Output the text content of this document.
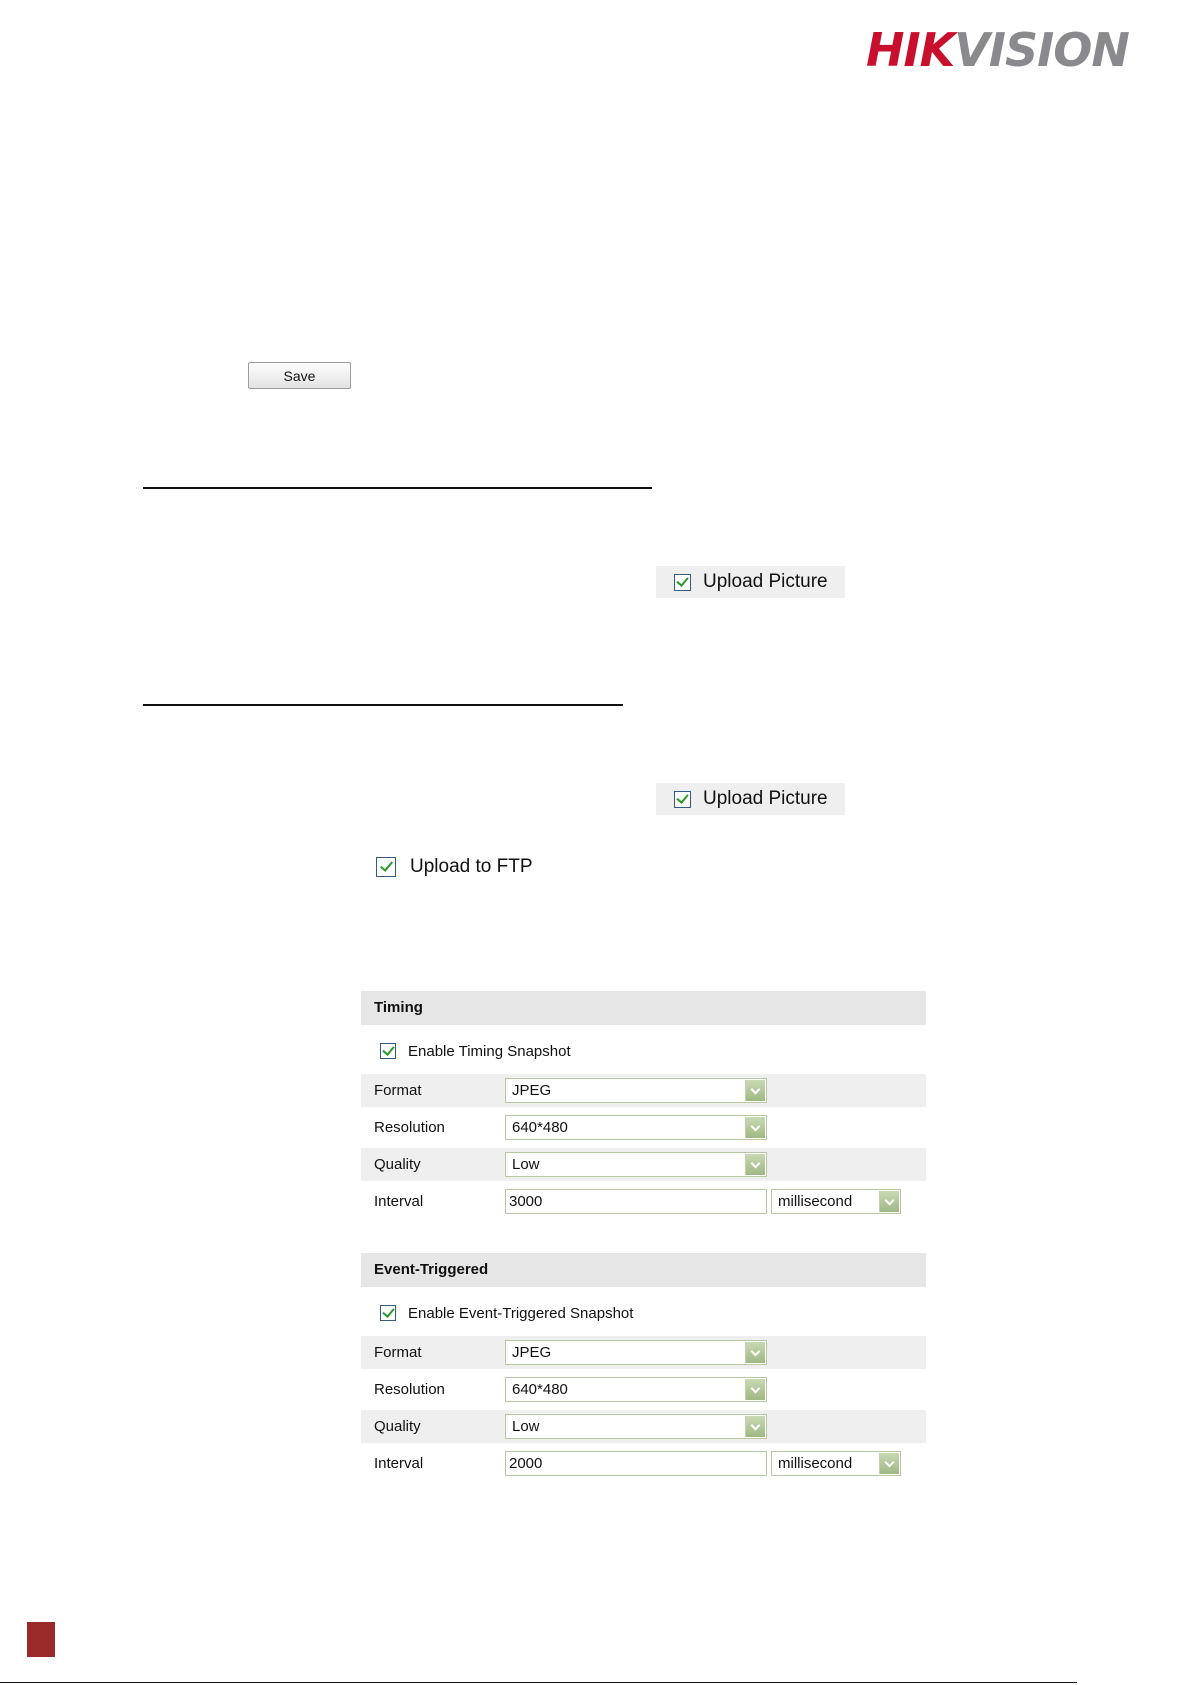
HIKVISION
Save
Upload Picture
Upload Picture
Upload to FTP
Timing
Enable Timing Snapshot
Format	JPEG
Resolution	640*480
Quality	Low
Interval	3000	millisecond
Event-Triggered
Enable Event-Triggered Snapshot
Format	JPEG
Resolution	640*480
Quality	Low
Interval	2000	millisecond
